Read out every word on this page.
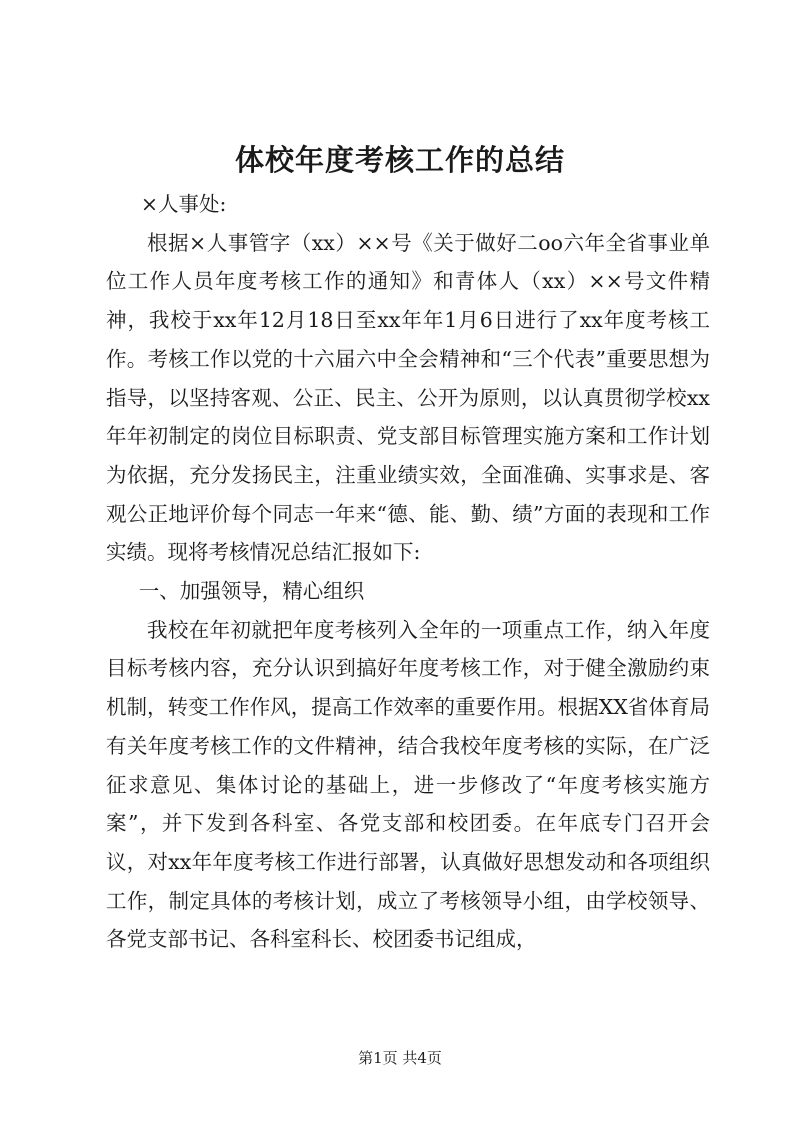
体校年度考核工作的总结

×人事处:

根据×人事管字（xx）××号《关于做好二oo六年全省事业单位工作人员年度考核工作的通知》和青体人（xx）××号文件精神，我校于xx年12月18日至xx年年1月6日进行了xx年度考核工作。考核工作以党的十六届六中全会精神和“三个代表”重要思想为指导，以坚持客观、公正、民主、公开为原则，以认真贯彻学校xx年年初制定的岗位目标职责、党支部目标管理实施方案和工作计划为依据，充分发扬民主，注重业绩实效，全面准确、实事求是、客观公正地评价每个同志一年来“德、能、勤、绩”方面的表现和工作实绩。现将考核情况总结汇报如下:

一、加强领导，精心组织

我校在年初就把年度考核列入全年的一项重点工作，纳入年度目标考核内容，充分认识到搞好年度考核工作，对于健全激励约束机制，转变工作作风，提高工作效率的重要作用。根据XX省体育局有关年度考核工作的文件精神，结合我校年度考核的实际，在广泛征求意见、集体讨论的基础上，进一步修改了“年度考核实施方案”，并下发到各科室、各党支部和校团委。在年底专门召开会议，对xx年年度考核工作进行部署，认真做好思想发动和各项组织工作，制定具体的考核计划，成立了考核领导小组，由学校领导、各党支部书记、各科室科长、校团委书记组成，

第1页 共4页
